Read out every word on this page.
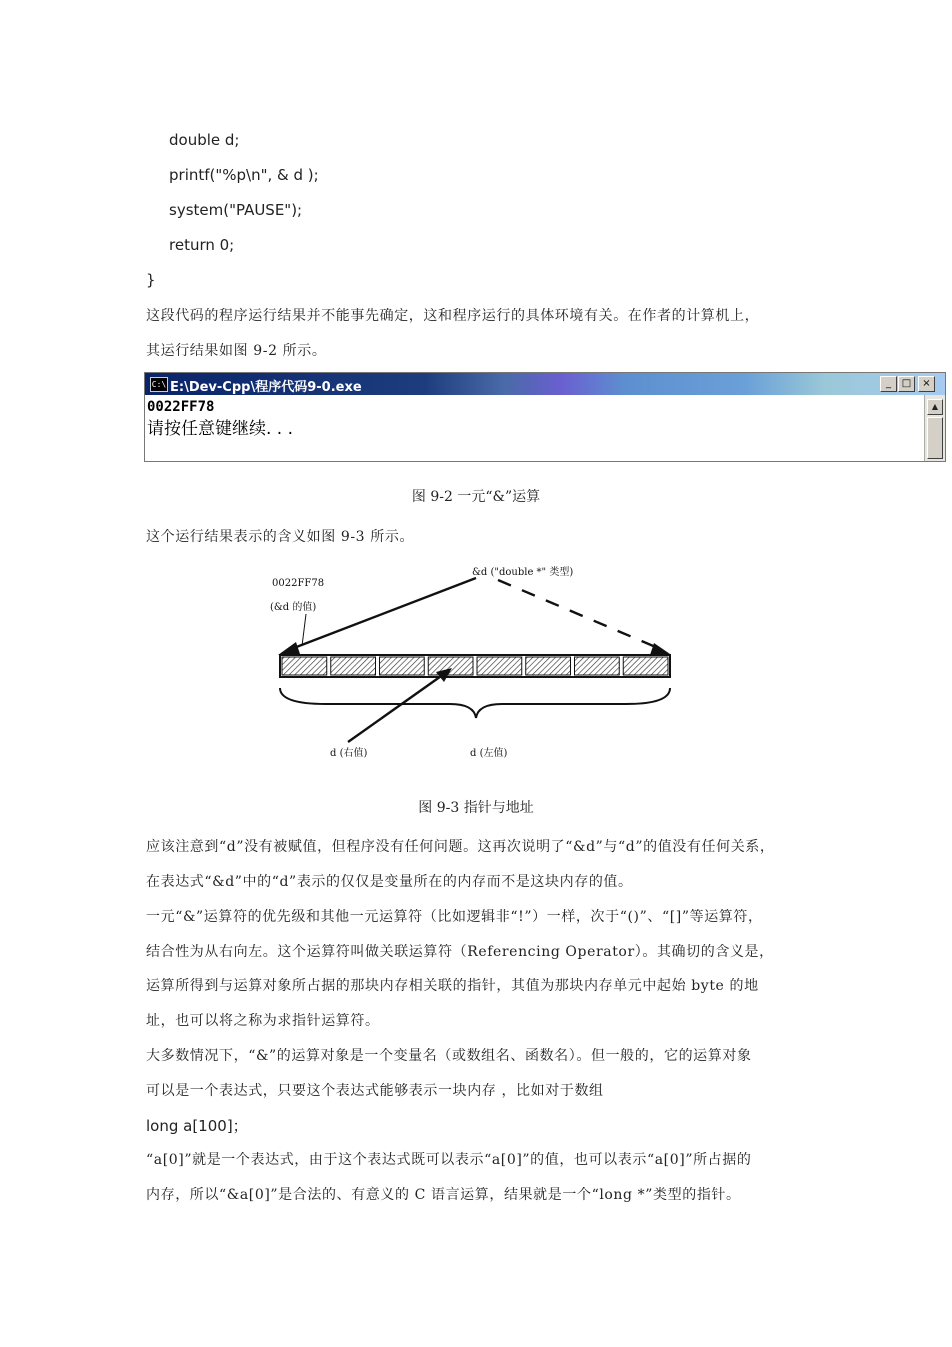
double d;
printf("%p\n", & d );
system("PAUSE");
return 0;
}
这段代码的程序运行结果并不能事先确定，这和程序运行的具体环境有关。在作者的计算机上，
其运行结果如图 9-2 所示。
C:\ E:\Dev-Cpp\程序代码9-0.exe	_	□	×
0022FF78
请按任意键继续. . .
▲
图 9-2 一元“&”运算
这个运行结果表示的含义如图 9-3 所示。
0022FF78
(&d 的值)
&d ("double *" 类型)
d (右值)	d (左值)
图 9-3 指针与地址
应该注意到“d”没有被赋值，但程序没有任何问题。这再次说明了“&d”与“d”的值没有任何关系，
在表达式“&d”中的“d”表示的仅仅是变量所在的内存而不是这块内存的值。
一元“&”运算符的优先级和其他一元运算符（比如逻辑非“!”）一样，次于“()”、“[]”等运算符，
结合性为从右向左。这个运算符叫做关联运算符（Referencing Operator）。其确切的含义是，
运算所得到与运算对象所占据的那块内存相关联的指针，其值为那块内存单元中起始 byte 的地
址，也可以将之称为求指针运算符。
大多数情况下，“&”的运算对象是一个变量名（或数组名、函数名）。但一般的，它的运算对象
可以是一个表达式，只要这个表达式能够表示一块内存 ，比如对于数组
long a[100]；
“a[0]”就是一个表达式，由于这个表达式既可以表示“a[0]”的值，也可以表示“a[0]”所占据的
内存，所以“&a[0]”是合法的、有意义的 C 语言运算，结果就是一个“long *”类型的指针。
